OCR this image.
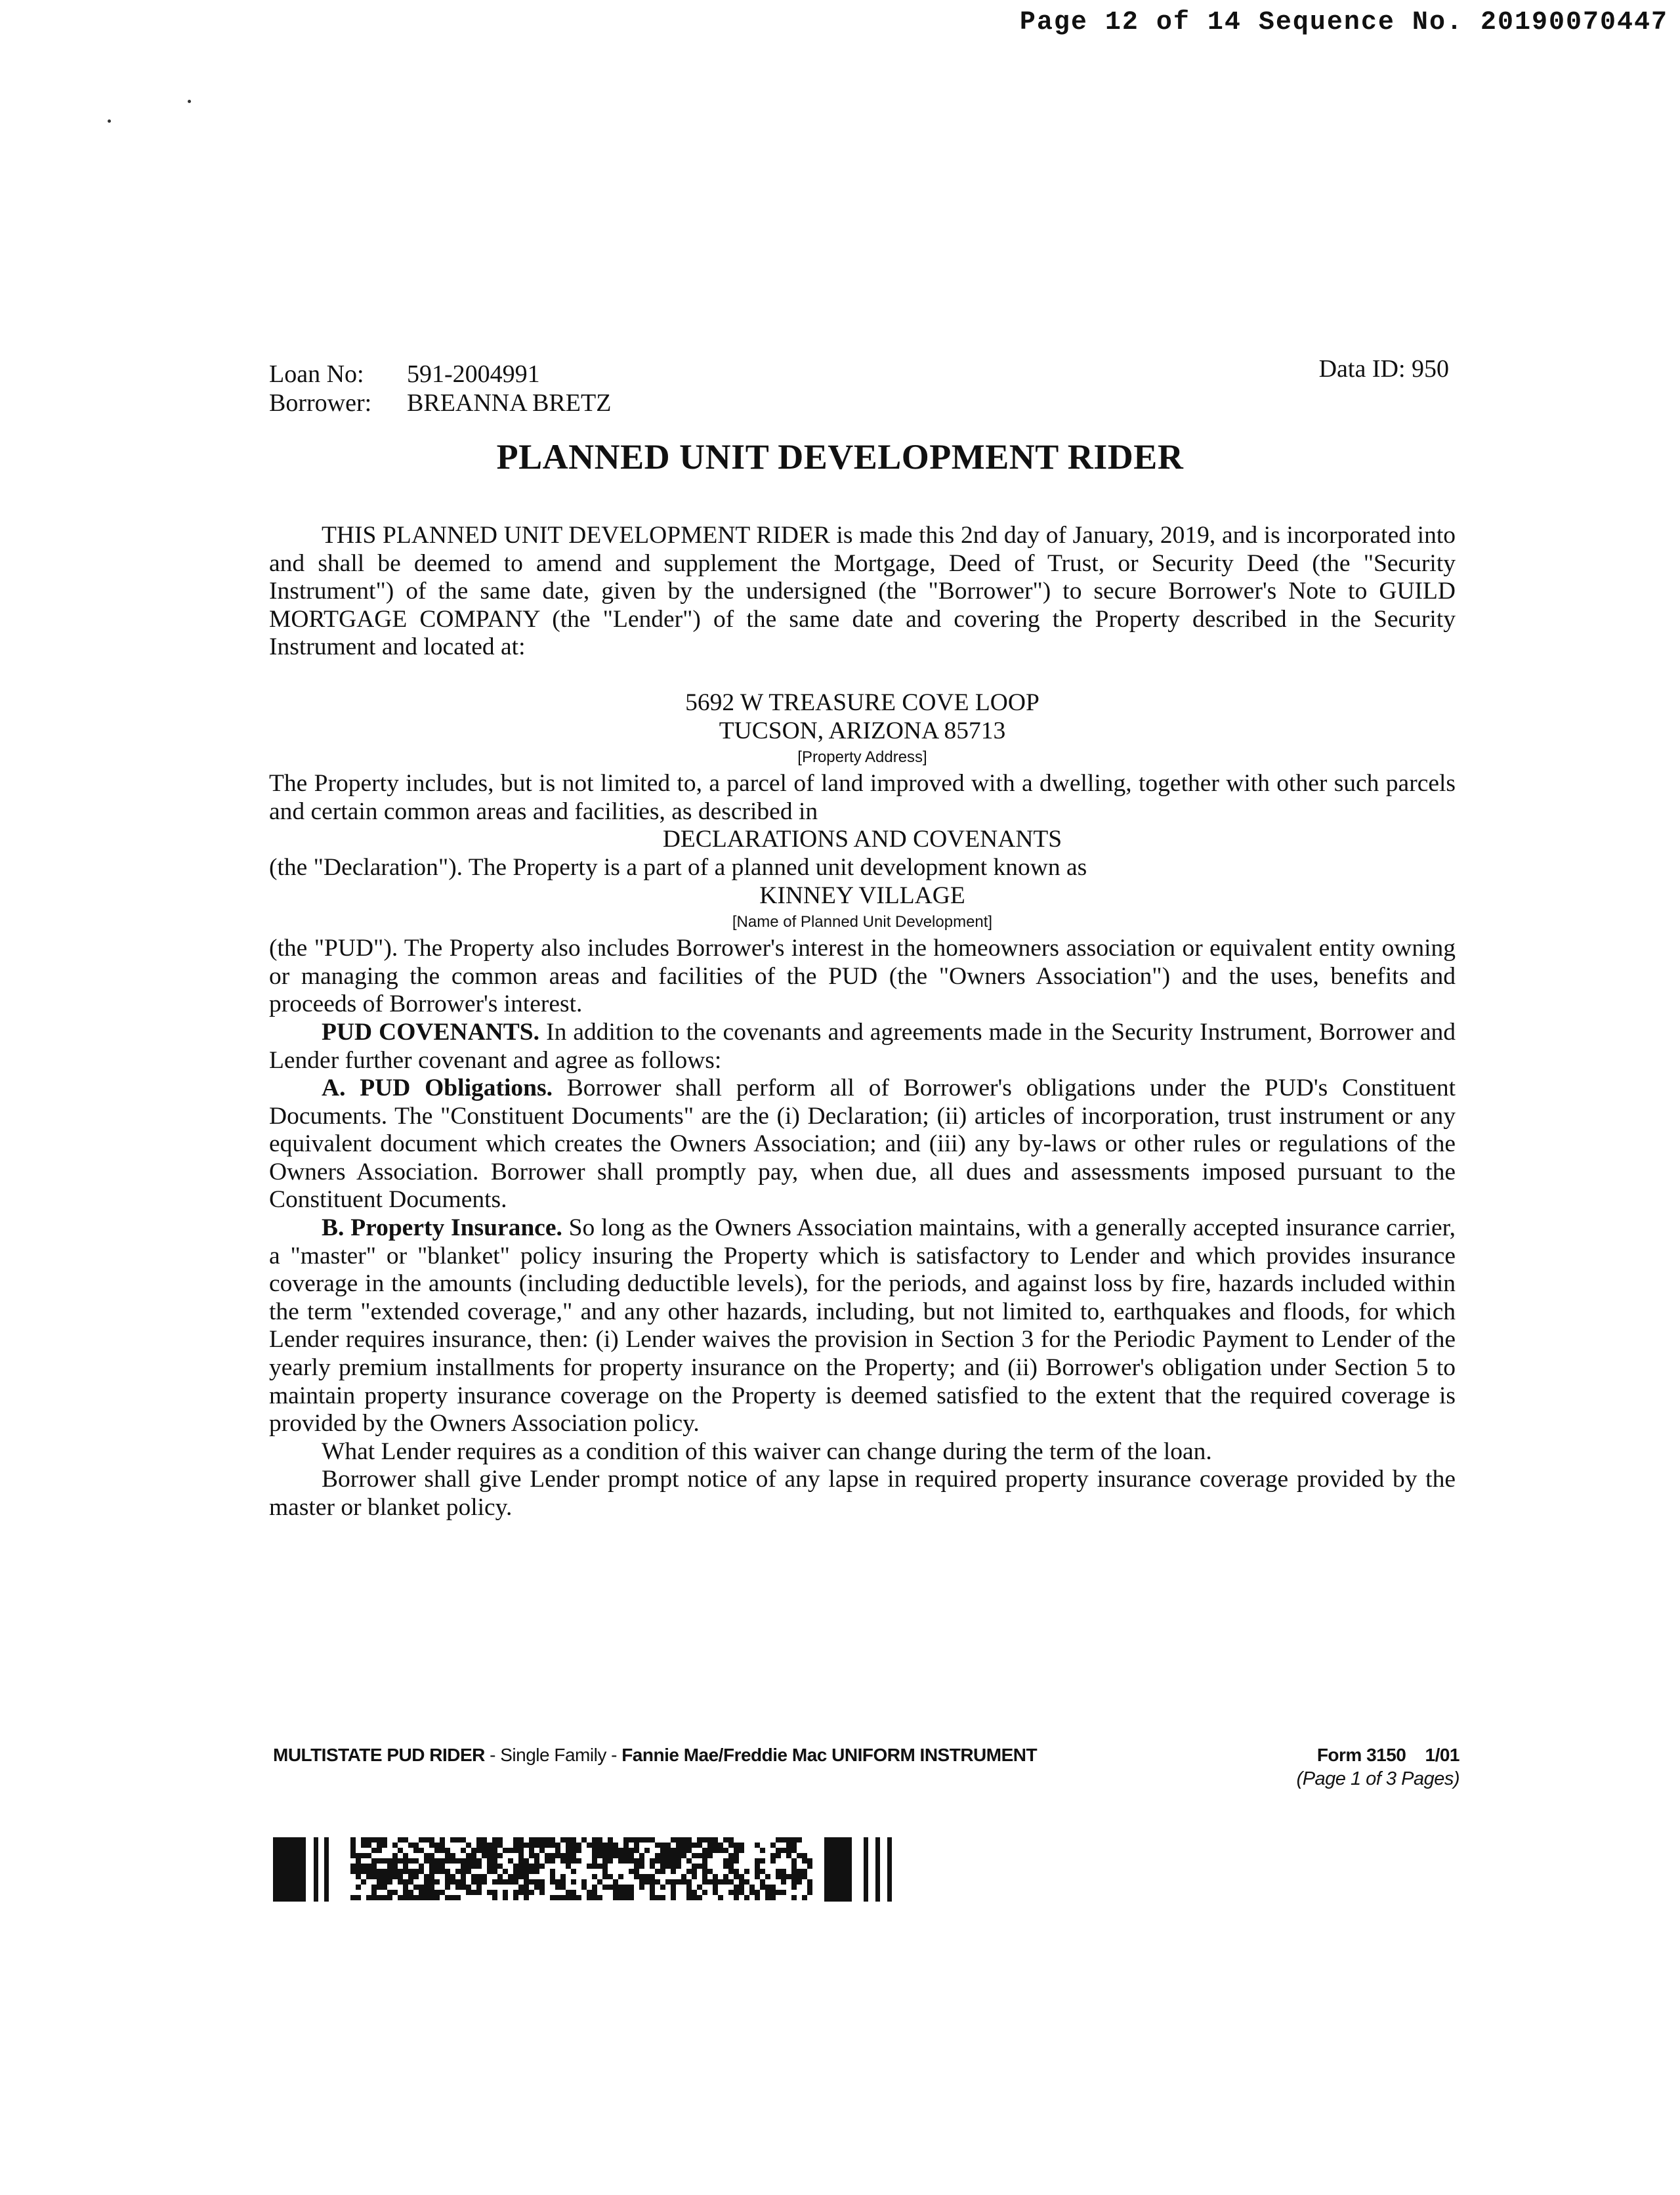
Page 12 of 14 Sequence No. 20190070447
Loan No:	591-2004991
Borrower:	BREANNA BRETZ
Data ID: 950
PLANNED UNIT DEVELOPMENT RIDER

THIS PLANNED UNIT DEVELOPMENT RIDER is made this 2nd day of January, 2019, and is incorporated into and shall be deemed to amend and supplement the Mortgage, Deed of Trust, or Security Deed (the "Security Instrument") of the same date, given by the undersigned (the "Borrower") to secure Borrower's Note to GUILD MORTGAGE COMPANY (the "Lender") of the same date and covering the Property described in the Security Instrument and located at:

5692 W TREASURE COVE LOOP

TUCSON, ARIZONA 85713

[Property Address]

The Property includes, but is not limited to, a parcel of land improved with a dwelling, together with other such parcels and certain common areas and facilities, as described in

DECLARATIONS AND COVENANTS

(the "Declaration"). The Property is a part of a planned unit development known as

KINNEY VILLAGE

[Name of Planned Unit Development]

(the "PUD"). The Property also includes Borrower's interest in the homeowners association or equivalent entity owning or managing the common areas and facilities of the PUD (the "Owners Association") and the uses, benefits and proceeds of Borrower's interest.

PUD COVENANTS. In addition to the covenants and agreements made in the Security Instrument, Borrower and Lender further covenant and agree as follows:

A. PUD Obligations. Borrower shall perform all of Borrower's obligations under the PUD's Constituent Documents. The "Constituent Documents" are the (i) Declaration; (ii) articles of incorporation, trust instrument or any equivalent document which creates the Owners Association; and (iii) any by-laws or other rules or regulations of the Owners Association. Borrower shall promptly pay, when due, all dues and assessments imposed pursuant to the Constituent Documents.

B. Property Insurance. So long as the Owners Association maintains, with a generally accepted insurance carrier, a "master" or "blanket" policy insuring the Property which is satisfactory to Lender and which provides insurance coverage in the amounts (including deductible levels), for the periods, and against loss by fire, hazards included within the term "extended coverage," and any other hazards, including, but not limited to, earthquakes and floods, for which Lender requires insurance, then: (i) Lender waives the provision in Section 3 for the Periodic Payment to Lender of the yearly premium installments for property insurance on the Property; and (ii) Borrower's obligation under Section 5 to maintain property insurance coverage on the Property is deemed satisfied to the extent that the required coverage is provided by the Owners Association policy.

What Lender requires as a condition of this waiver can change during the term of the loan.

Borrower shall give Lender prompt notice of any lapse in required property insurance coverage provided by the master or blanket policy.

MULTISTATE PUD RIDER - Single Family - Fannie Mae/Freddie Mac UNIFORM INSTRUMENT	Form 3150    1/01
(Page 1 of 3 Pages)
